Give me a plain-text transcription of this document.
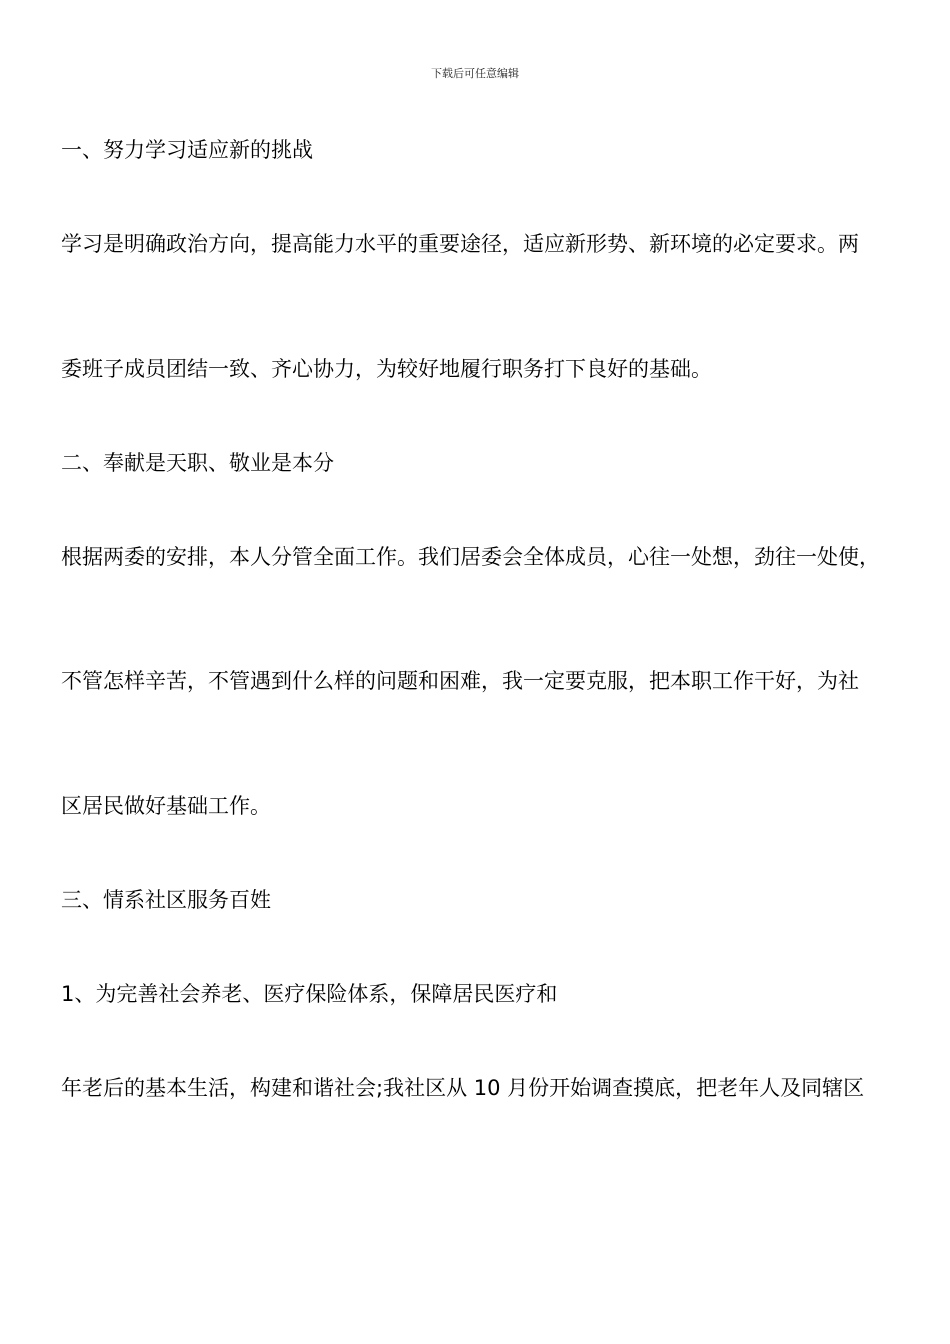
下载后可任意编辑
一、努力学习适应新的挑战
学习是明确政治方向，提高能力水平的重要途径，适应新形势、新环境的必定要求。两
委班子成员团结一致、齐心协力，为较好地履行职务打下良好的基础。
二、奉献是天职、敬业是本分
根据两委的安排，本人分管全面工作。我们居委会全体成员，心往一处想，劲往一处使，
不管怎样辛苦，不管遇到什么样的问题和困难，我一定要克服，把本职工作干好，为社
区居民做好基础工作。
三、情系社区服务百姓
1、为完善社会养老、医疗保险体系，保障居民医疗和
年老后的基本生活，构建和谐社会;我社区从 10 月份开始调查摸底，把老年人及同辖区
